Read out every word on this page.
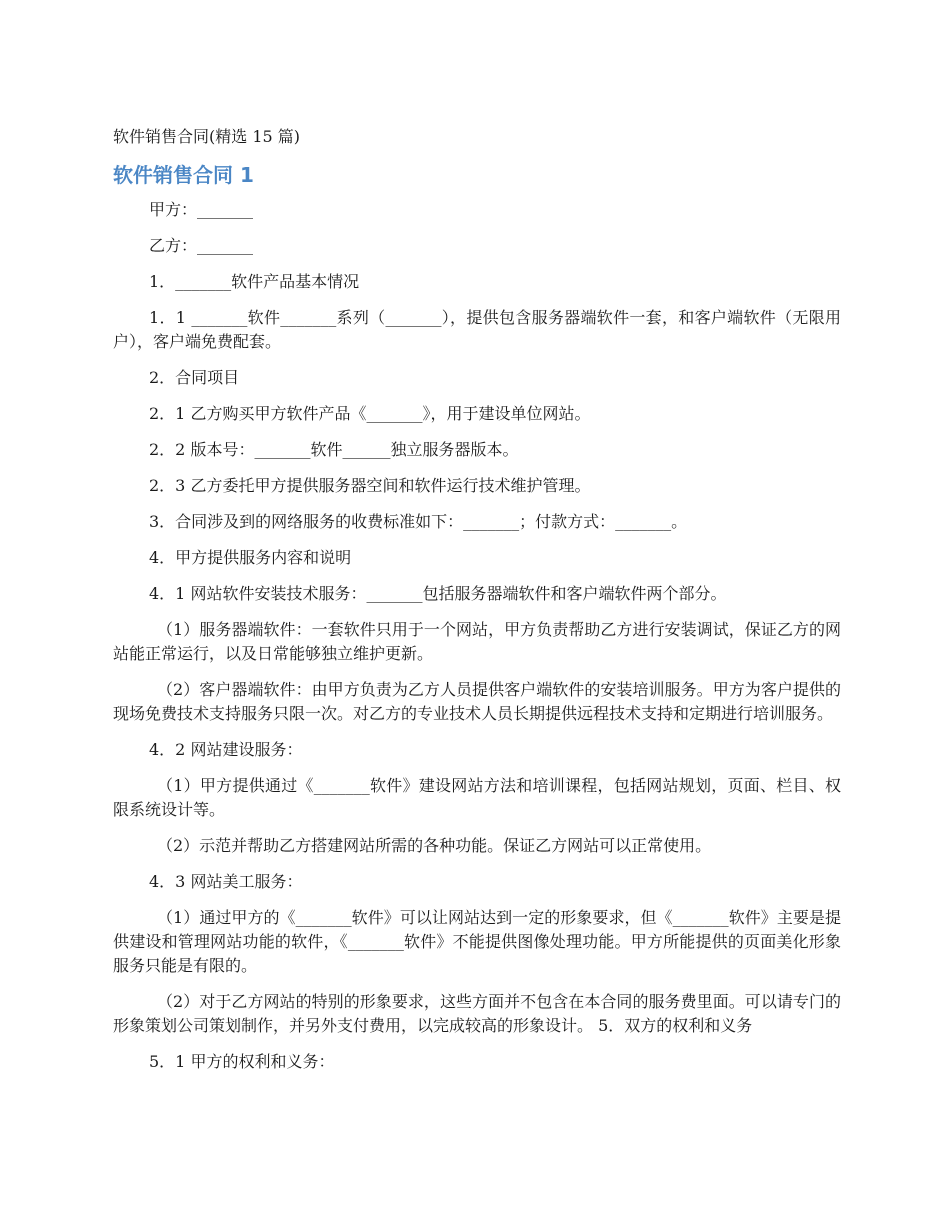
软件销售合同(精选 15 篇)
软件销售合同 1

甲方：_______

乙方：_______

1．_______软件产品基本情况

1．1 _______软件_______系列（_______），提供包含服务器端软件一套，和客户端软件（无限用户），客户端免费配套。

2．合同项目

2．1 乙方购买甲方软件产品《_______》，用于建设单位网站。

2．2 版本号：_______软件______独立服务器版本。

2．3 乙方委托甲方提供服务器空间和软件运行技术维护管理。

3．合同涉及到的网络服务的收费标准如下：_______；付款方式：_______。

4．甲方提供服务内容和说明

4．1 网站软件安装技术服务：_______包括服务器端软件和客户端软件两个部分。

（1）服务器端软件：一套软件只用于一个网站，甲方负责帮助乙方进行安装调试，保证乙方的网站能正常运行，以及日常能够独立维护更新。

（2）客户器端软件：由甲方负责为乙方人员提供客户端软件的安装培训服务。甲方为客户提供的现场免费技术支持服务只限一次。对乙方的专业技术人员长期提供远程技术支持和定期进行培训服务。

4．2 网站建设服务：

（1）甲方提供通过《_______软件》建设网站方法和培训课程，包括网站规划，页面、栏目、权限系统设计等。

（2）示范并帮助乙方搭建网站所需的各种功能。保证乙方网站可以正常使用。

4．3 网站美工服务：

（1）通过甲方的《_______软件》可以让网站达到一定的形象要求，但《_______软件》主要是提供建设和管理网站功能的软件，《_______软件》不能提供图像处理功能。甲方所能提供的页面美化形象服务只能是有限的。

（2）对于乙方网站的特别的形象要求，这些方面并不包含在本合同的服务费里面。可以请专门的形象策划公司策划制作，并另外支付费用，以完成较高的形象设计。 5．双方的权利和义务

5．1 甲方的权利和义务：
